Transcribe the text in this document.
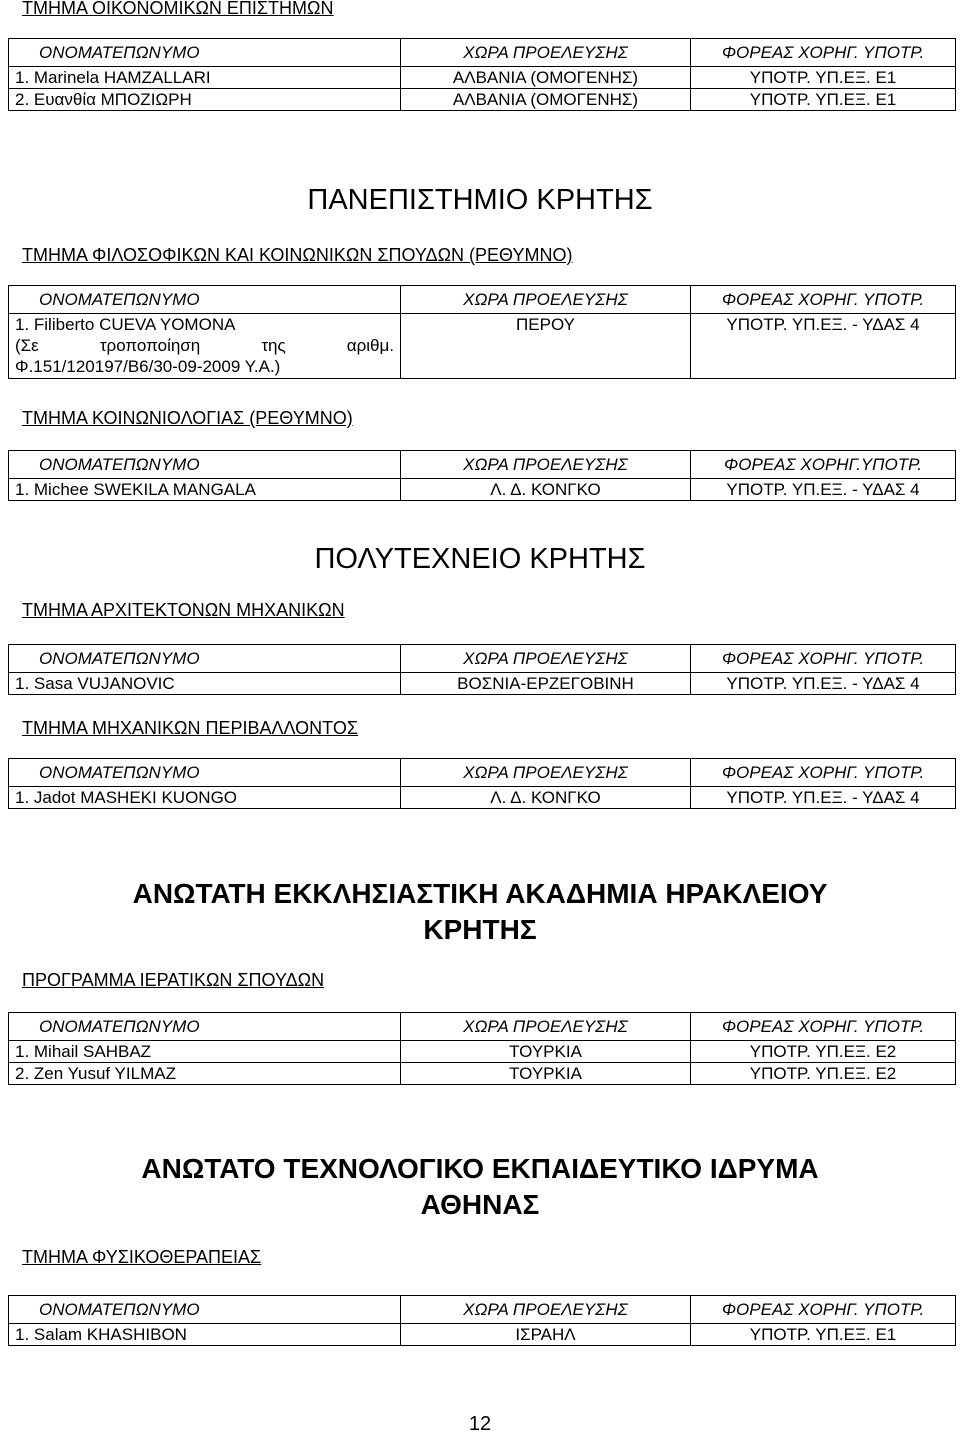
ΤΜΗΜΑ ΟΙΚΟΝΟΜΙΚΩΝ ΕΠΙΣΤΗΜΩΝ
ΟΝΟΜΑΤΕΠΩΝΥΜΟ	ΧΩΡΑ ΠΡΟΕΛΕΥΣΗΣ	ΦΟΡΕΑΣ ΧΟΡΗΓ. ΥΠΟΤΡ.
1. Marinela HAMZALLARI	ΑΛΒΑΝΙΑ (ΟΜΟΓΕΝΗΣ)	ΥΠΟΤΡ. ΥΠ.ΕΞ. Ε1
2. Ευανθία ΜΠΟΖΙΩΡΗ	ΑΛΒΑΝΙΑ (ΟΜΟΓΕΝΗΣ)	ΥΠΟΤΡ. ΥΠ.ΕΞ. Ε1
ΠΑΝΕΠΙΣΤΗΜΙΟ ΚΡΗΤΗΣ
ΤΜΗΜΑ ΦΙΛΟΣΟΦΙΚΩΝ ΚΑΙ ΚΟΙΝΩΝΙΚΩΝ ΣΠΟΥΔΩΝ (ΡΕΘΥΜΝΟ)
ΟΝΟΜΑΤΕΠΩΝΥΜΟ	ΧΩΡΑ ΠΡΟΕΛΕΥΣΗΣ	ΦΟΡΕΑΣ ΧΟΡΗΓ. ΥΠΟΤΡ.

1. Filiberto CUEVA YOMONA
(Σε τροποποίηση της αριθμ.
Φ.151/120197/Β6/30-09-2009 Υ.Α.)	ΠΕΡΟΥ	ΥΠΟΤΡ. ΥΠ.ΕΞ. - ΥΔΑΣ 4
ΤΜΗΜΑ ΚΟΙΝΩΝΙΟΛΟΓΙΑΣ (ΡΕΘΥΜΝΟ)
ΟΝΟΜΑΤΕΠΩΝΥΜΟ	ΧΩΡΑ ΠΡΟΕΛΕΥΣΗΣ	ΦΟΡΕΑΣ ΧΟΡΗΓ.ΥΠΟΤΡ.
1. Michee SWEKILA MANGALA	Λ. Δ. ΚΟΝΓΚΟ	ΥΠΟΤΡ. ΥΠ.ΕΞ. - ΥΔΑΣ 4
ΠΟΛΥΤΕΧΝΕΙΟ ΚΡΗΤΗΣ
ΤΜΗΜΑ ΑΡΧΙΤΕΚΤΟΝΩΝ ΜΗΧΑΝΙΚΩΝ
ΟΝΟΜΑΤΕΠΩΝΥΜΟ	ΧΩΡΑ ΠΡΟΕΛΕΥΣΗΣ	ΦΟΡΕΑΣ ΧΟΡΗΓ. ΥΠΟΤΡ.
1. Sasa VUJANOVIC	ΒΟΣΝΙΑ-ΕΡΖΕΓΟΒΙΝΗ	ΥΠΟΤΡ. ΥΠ.ΕΞ. - ΥΔΑΣ 4
ΤΜΗΜΑ ΜΗΧΑΝΙΚΩΝ ΠΕΡΙΒΑΛΛΟΝΤΟΣ
ΟΝΟΜΑΤΕΠΩΝΥΜΟ	ΧΩΡΑ ΠΡΟΕΛΕΥΣΗΣ	ΦΟΡΕΑΣ ΧΟΡΗΓ. ΥΠΟΤΡ.
1. Jadot MASHEKI KUONGO	Λ. Δ. ΚΟΝΓΚΟ	ΥΠΟΤΡ. ΥΠ.ΕΞ. - ΥΔΑΣ 4
ΑΝΩΤΑΤΗ ΕΚΚΛΗΣΙΑΣΤΙΚΗ ΑΚΑΔΗΜΙΑ ΗΡΑΚΛΕΙΟΥ
ΚΡΗΤΗΣ
ΠΡΟΓΡΑΜΜΑ ΙΕΡΑΤΙΚΩΝ ΣΠΟΥΔΩΝ
ΟΝΟΜΑΤΕΠΩΝΥΜΟ	ΧΩΡΑ ΠΡΟΕΛΕΥΣΗΣ	ΦΟΡΕΑΣ ΧΟΡΗΓ. ΥΠΟΤΡ.
1. Mihail SAHBAZ	ΤΟΥΡΚΙΑ	ΥΠΟΤΡ. ΥΠ.ΕΞ. Ε2
2. Zen Yusuf YILMAZ	ΤΟΥΡΚΙΑ	ΥΠΟΤΡ. ΥΠ.ΕΞ. Ε2
ΑΝΩΤΑΤΟ ΤΕΧΝΟΛΟΓΙΚΟ ΕΚΠΑΙΔΕΥΤΙΚΟ ΙΔΡΥΜΑ
ΑΘΗΝΑΣ
ΤΜΗΜΑ ΦΥΣΙΚΟΘΕΡΑΠΕΙΑΣ
ΟΝΟΜΑΤΕΠΩΝΥΜΟ	ΧΩΡΑ ΠΡΟΕΛΕΥΣΗΣ	ΦΟΡΕΑΣ ΧΟΡΗΓ. ΥΠΟΤΡ.
1. Salam KHASHIBON	ΙΣΡΑΗΛ	ΥΠΟΤΡ. ΥΠ.ΕΞ. Ε1
12
